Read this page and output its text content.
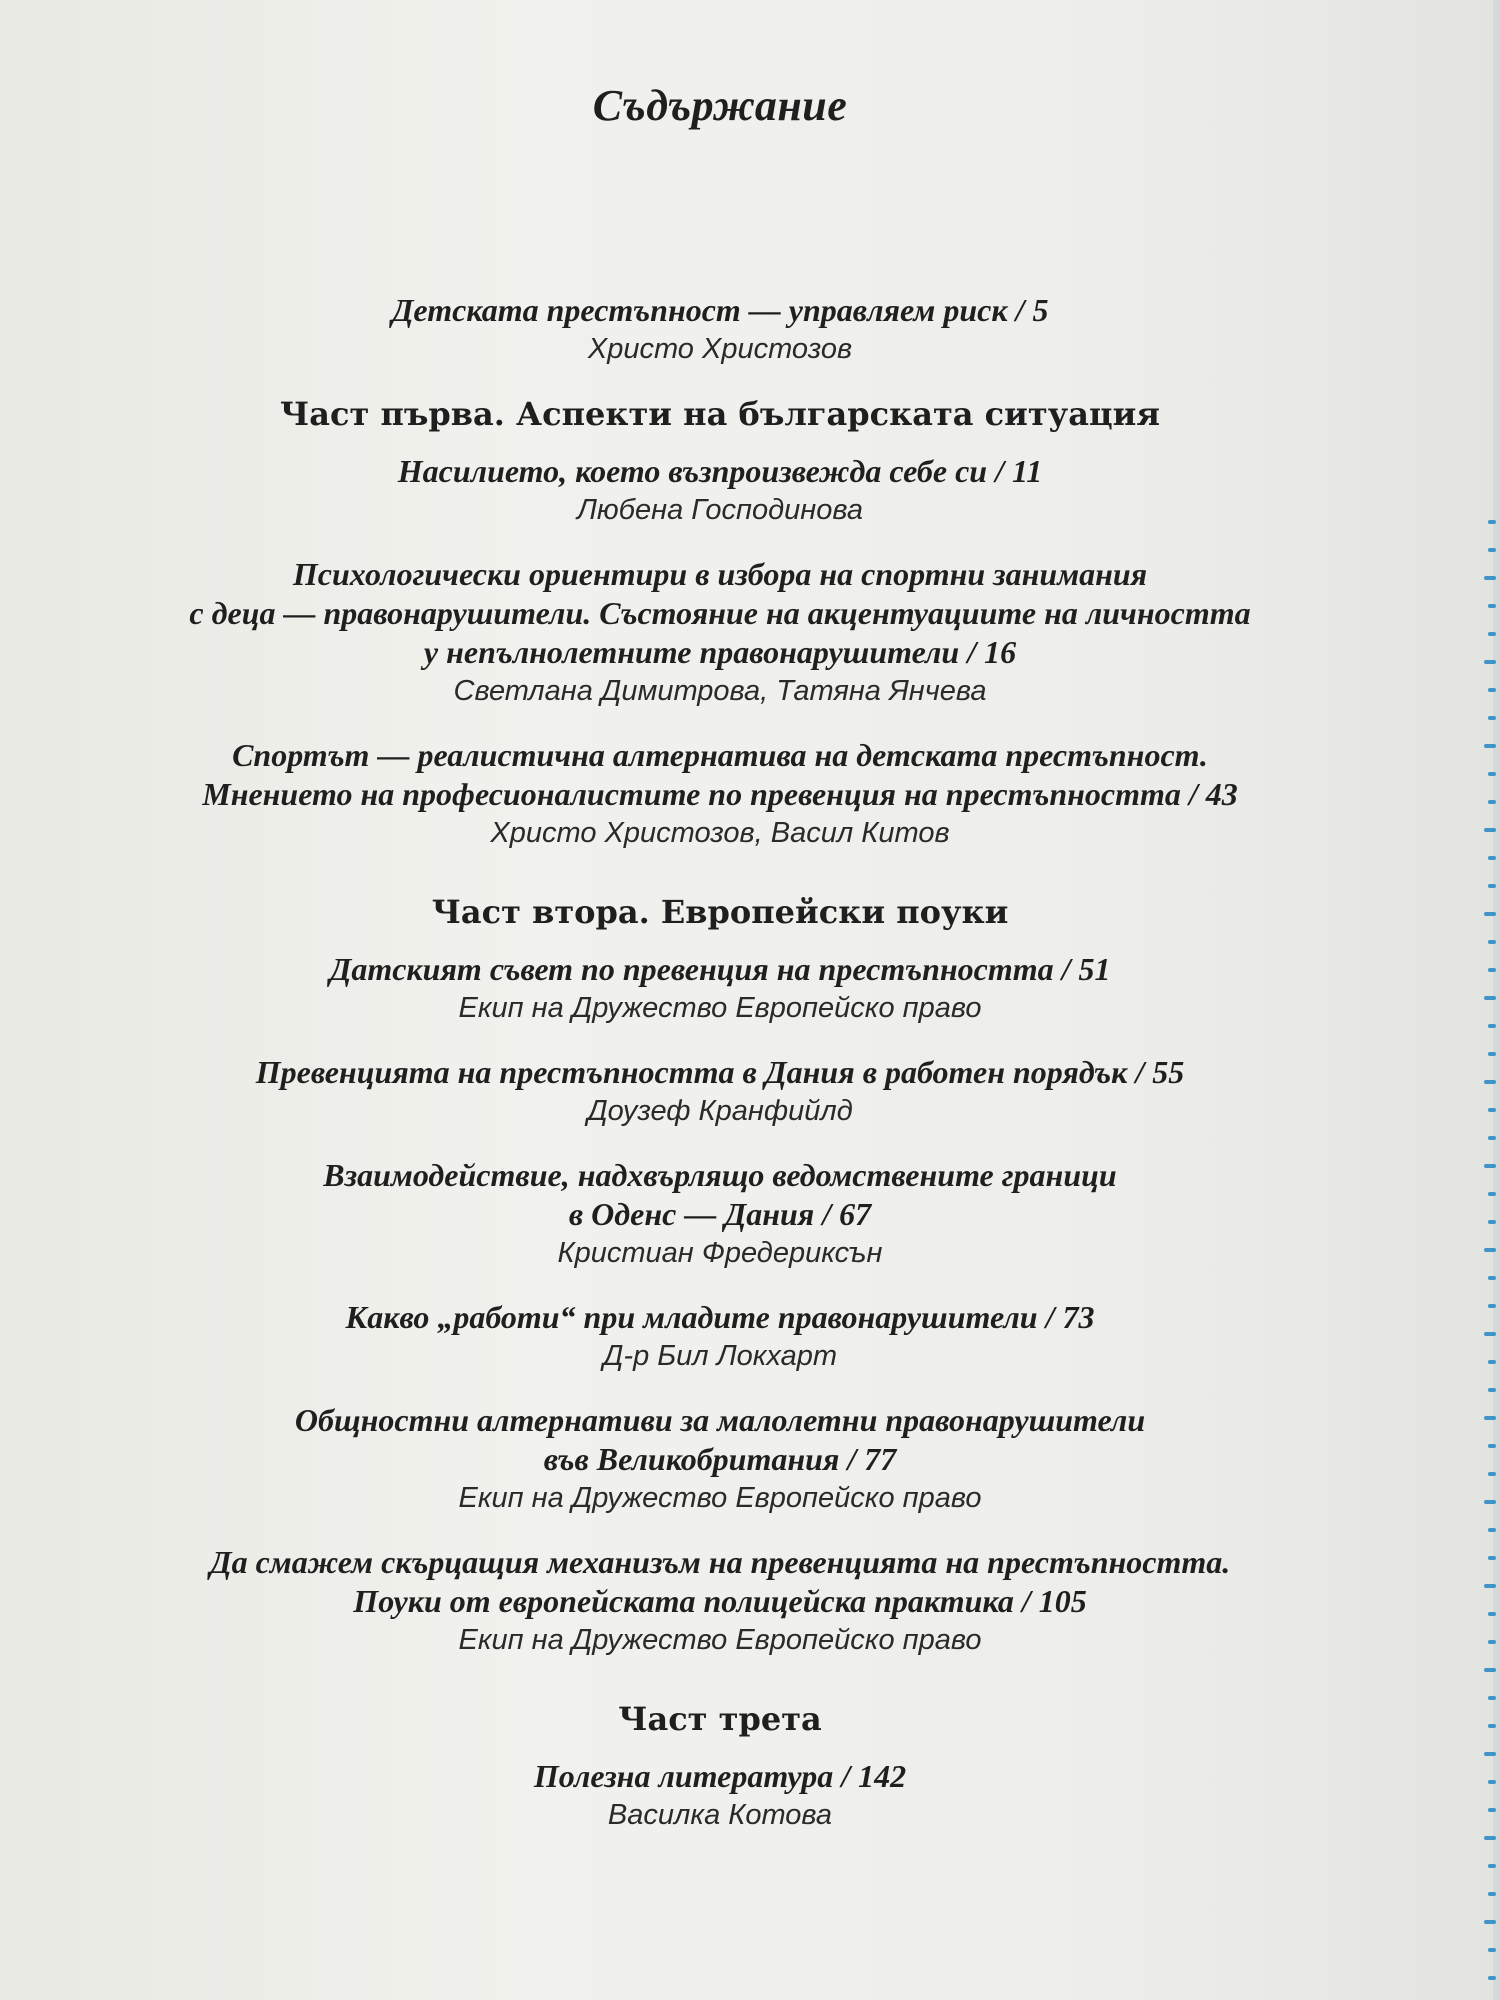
Съдържание
Детската престъпност — управляем риск / 5
Христо Христозов
Част първа. Аспекти на българската ситуация
Насилието, което възпроизвежда себе си / 11
Любена Господинова
Психологически ориентири в избора на спортни занимания
с деца — правонарушители. Състояние на акцентуациите на личността
у непълнолетните правонарушители / 16
Светлана Димитрова, Татяна Янчева
Спортът — реалистична алтернатива на детската престъпност.
Мнението на професионалистите по превенция на престъпността / 43
Христо Христозов, Васил Китов
Част втора. Европейски поуки
Датският съвет по превенция на престъпността / 51
Екип на Дружество Европейско право
Превенцията на престъпността в Дания в работен порядък / 55
Доузеф Кранфийлд
Взаимодействие, надхвърлящо ведомствените граници
в Оденс — Дания / 67
Кристиан Фредериксън
Какво „работи“ при младите правонарушители / 73
Д-р Бил Локхарт
Общностни алтернативи за малолетни правонарушители
във Великобритания / 77
Екип на Дружество Европейско право
Да смажем скърцащия механизъм на превенцията на престъпността.
Поуки от европейската полицейска практика / 105
Екип на Дружество Европейско право
Част трета
Полезна литература / 142
Василка Котова
